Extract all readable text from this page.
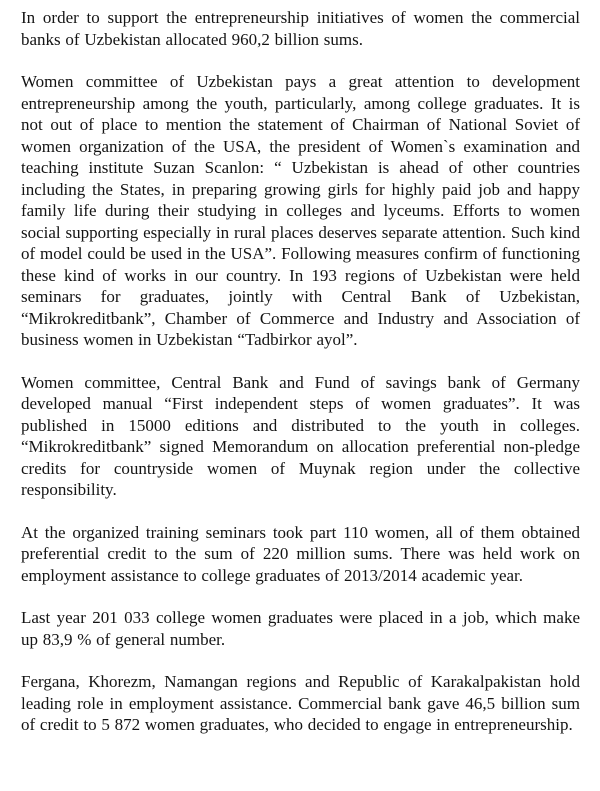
In order to support the entrepreneurship initiatives of women the commercial banks of Uzbekistan allocated 960,2 billion sums.

Women committee of Uzbekistan pays a great attention to development entrepreneurship among the youth, particularly, among college graduates. It is not out of place to mention the statement of Chairman of National Soviet of women organization of the USA, the president of Women`s examination and teaching institute Suzan Scanlon: “ Uzbekistan is ahead of other countries including the States, in preparing growing girls for highly paid job and happy family life during their studying in colleges and lyceums. Efforts to women social supporting especially in rural places deserves separate attention. Such kind of model could be used in the USA”. Following measures confirm of functioning these kind of works in our country. In 193 regions of Uzbekistan were held seminars for graduates, jointly with Central Bank of Uzbekistan, “Mikrokreditbank”, Chamber of Commerce and Industry and Association of business women in Uzbekistan “Tadbirkor ayol”.

Women committee, Central Bank and Fund of savings bank of Germany developed manual “First independent steps of women graduates”. It was published in 15000 editions and distributed to the youth in colleges. “Mikrokreditbank” signed Memorandum on allocation preferential non-pledge credits for countryside women of Muynak region under the collective responsibility.

At the organized training seminars took part 110 women, all of them obtained preferential credit to the sum of 220 million sums. There was held work on employment assistance to college graduates of 2013/2014 academic year.

Last year 201 033 college women graduates were placed in a job, which make up 83,9 % of general number.

Fergana, Khorezm, Namangan regions and Republic of Karakalpakistan hold leading role in employment assistance. Commercial bank gave 46,5 billion sum of credit to 5 872 women graduates, who decided to engage in entrepreneurship.
